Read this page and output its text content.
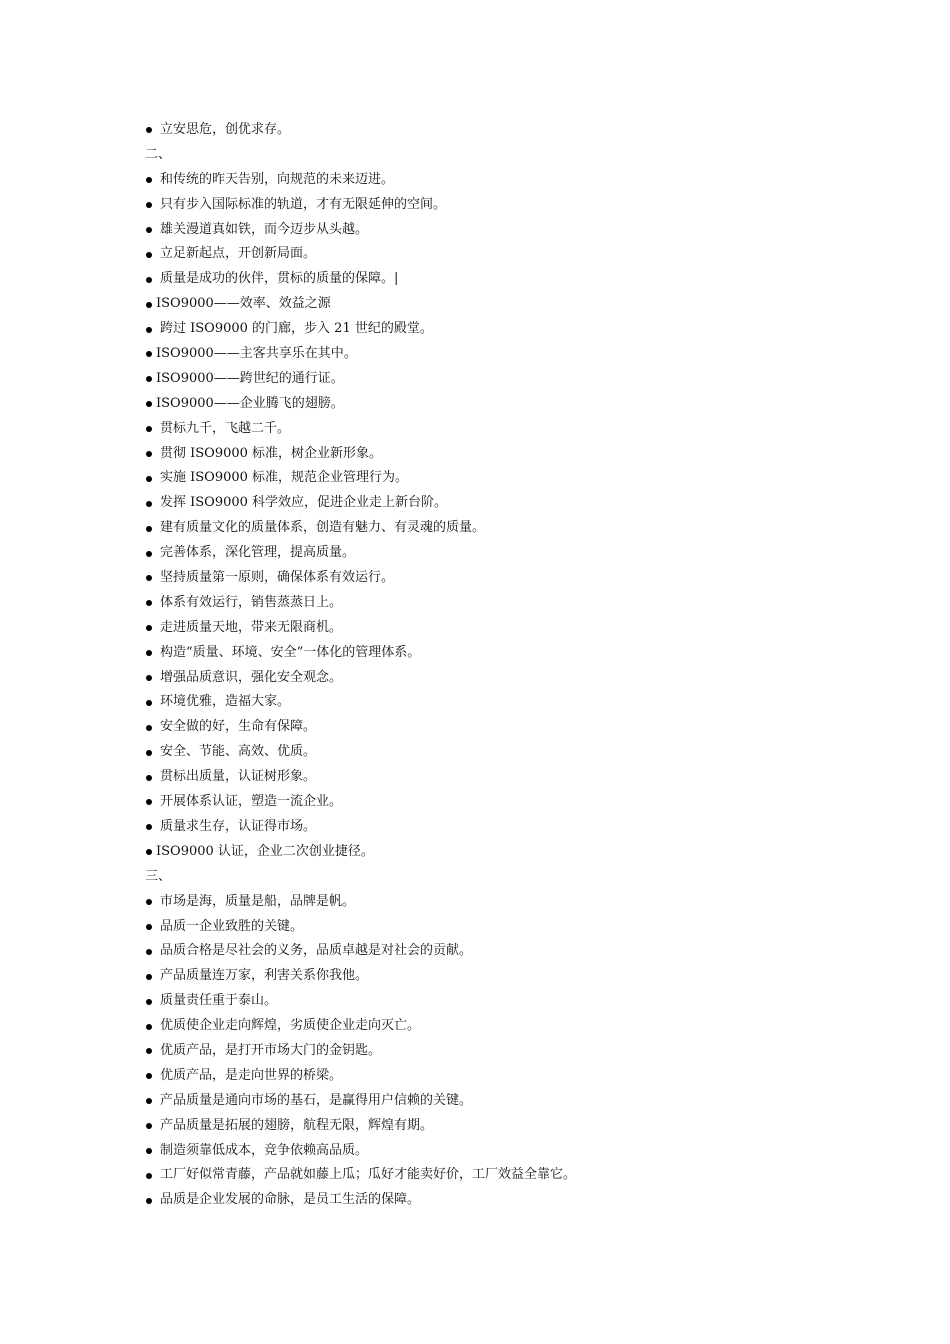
立安思危，创优求存。
二、
和传统的昨天告别，向规范的未来迈进。
只有步入国际标准的轨道，才有无限延伸的空间。
雄关漫道真如铁，而今迈步从头越。
立足新起点，开创新局面。
质量是成功的伙伴，贯标的质量的保障。|
ISO9000——效率、效益之源
跨过 ISO9000 的门廊，步入 21 世纪的殿堂。
ISO9000——主客共享乐在其中。
ISO9000——跨世纪的通行证。
ISO9000——企业腾飞的翅膀。
贯标九千，飞越二千。
贯彻 ISO9000 标准，树企业新形象。
实施 ISO9000 标准，规范企业管理行为。
发挥 ISO9000 科学效应，促进企业走上新台阶。
建有质量文化的质量体系，创造有魅力、有灵魂的质量。
完善体系，深化管理，提高质量。
坚持质量第一原则，确保体系有效运行。
体系有效运行，销售蒸蒸日上。
走进质量天地，带来无限商机。
构造“质量、环境、安全”一体化的管理体系。
增强品质意识，强化安全观念。
环境优雅，造福大家。
安全做的好，生命有保障。
安全、节能、高效、优质。
贯标出质量，认证树形象。
开展体系认证，塑造一流企业。
质量求生存，认证得市场。
ISO9000 认证，企业二次创业捷径。
三、
市场是海，质量是船，品牌是帆。
品质一企业致胜的关键。
品质合格是尽社会的义务，品质卓越是对社会的贡献。
产品质量连万家，利害关系你我他。
质量责任重于泰山。
优质使企业走向辉煌，劣质使企业走向灭亡。
优质产品，是打开市场大门的金钥匙。
优质产品，是走向世界的桥梁。
产品质量是通向市场的基石，是赢得用户信赖的关键。
产品质量是拓展的翅膀，航程无限，辉煌有期。
制造须靠低成本，竞争依赖高品质。
工厂好似常青藤，产品就如藤上瓜；瓜好才能卖好价，工厂效益全靠它。
品质是企业发展的命脉，是员工生活的保障。
